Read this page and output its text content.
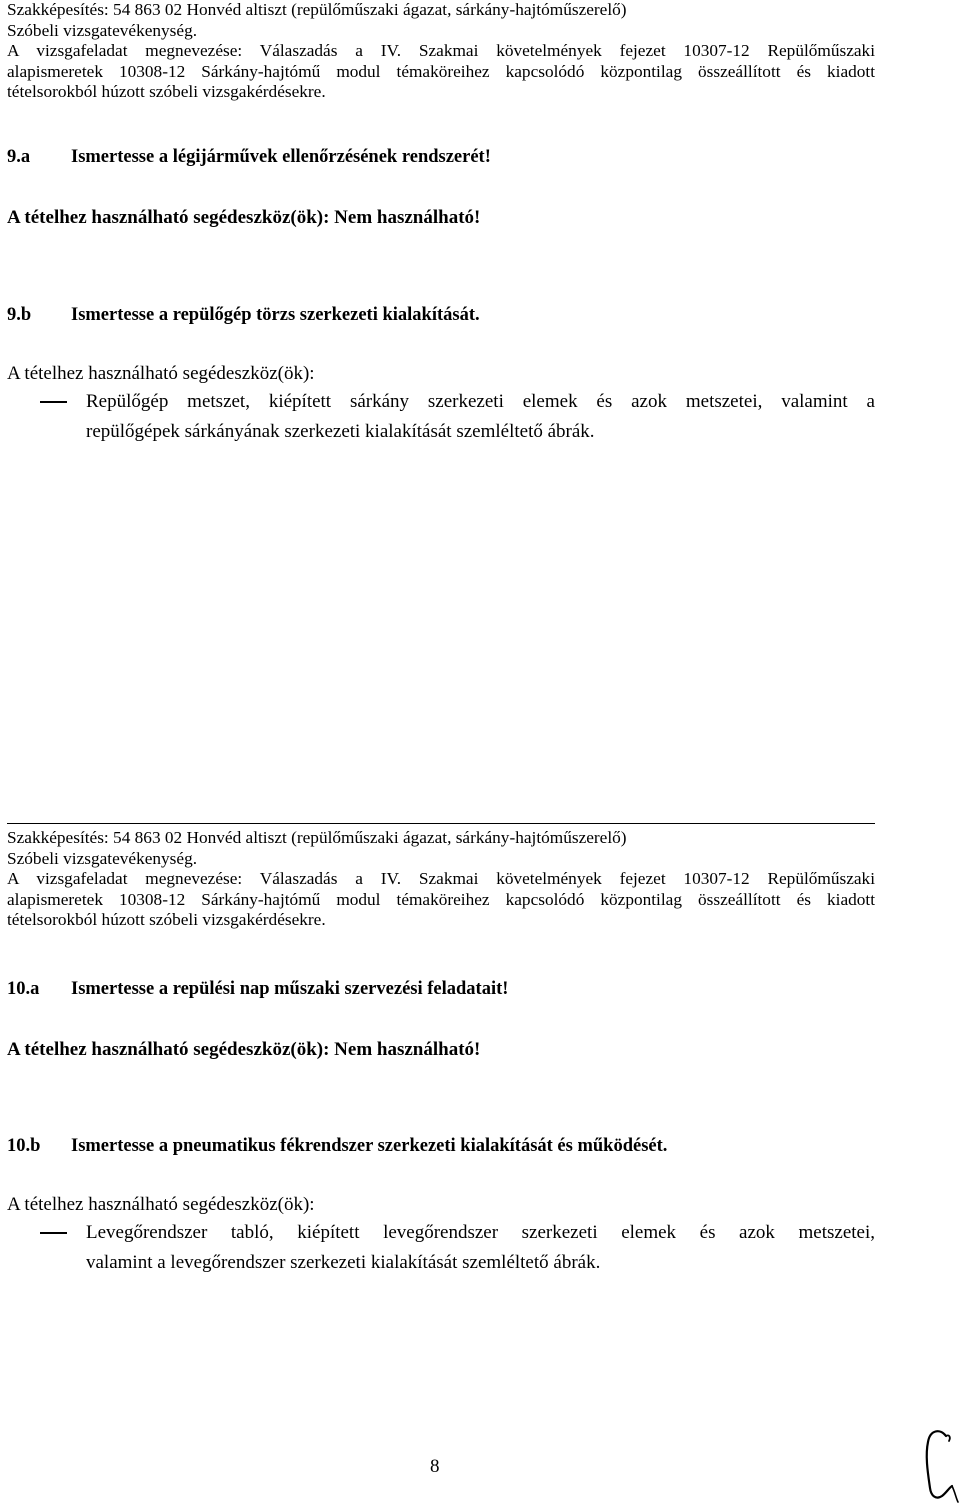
Szakképesítés: 54 863 02 Honvéd altiszt (repülőműszaki ágazat, sárkány-hajtóműszerelő)
Szóbeli vizsgatevékenység.
A vizsgafeladat megnevezése: Válaszadás a IV. Szakmai követelmények fejezet 10307-12 Repülőműszaki
alapismeretek 10308-12 Sárkány-hajtómű modul témaköreihez kapcsolódó központilag összeállított és kiadott
tételsorokból húzott szóbeli vizsgakérdésekre.
9.a Ismertesse a légijárművek ellenőrzésének rendszerét!
A tételhez használható segédeszköz(ök): Nem használható!
9.b Ismertesse a repülőgép törzs szerkezeti kialakítását.
A tételhez használható segédeszköz(ök):
Repülőgép metszet, kiépített sárkány szerkezeti elemek és azok metszetei, valamint a
repülőgépek sárkányának szerkezeti kialakítását szemléltető ábrák.
Szakképesítés: 54 863 02 Honvéd altiszt (repülőműszaki ágazat, sárkány-hajtóműszerelő)
Szóbeli vizsgatevékenység.
A vizsgafeladat megnevezése: Válaszadás a IV. Szakmai követelmények fejezet 10307-12 Repülőműszaki
alapismeretek 10308-12 Sárkány-hajtómű modul témaköreihez kapcsolódó központilag összeállított és kiadott
tételsorokból húzott szóbeli vizsgakérdésekre.
10.a Ismertesse a repülési nap műszaki szervezési feladatait!
A tételhez használható segédeszköz(ök): Nem használható!
10.b Ismertesse a pneumatikus fékrendszer szerkezeti kialakítását és működését.
A tételhez használható segédeszköz(ök):
Levegőrendszer tabló, kiépített levegőrendszer szerkezeti elemek és azok metszetei,
valamint a levegőrendszer szerkezeti kialakítását szemléltető ábrák.
8
